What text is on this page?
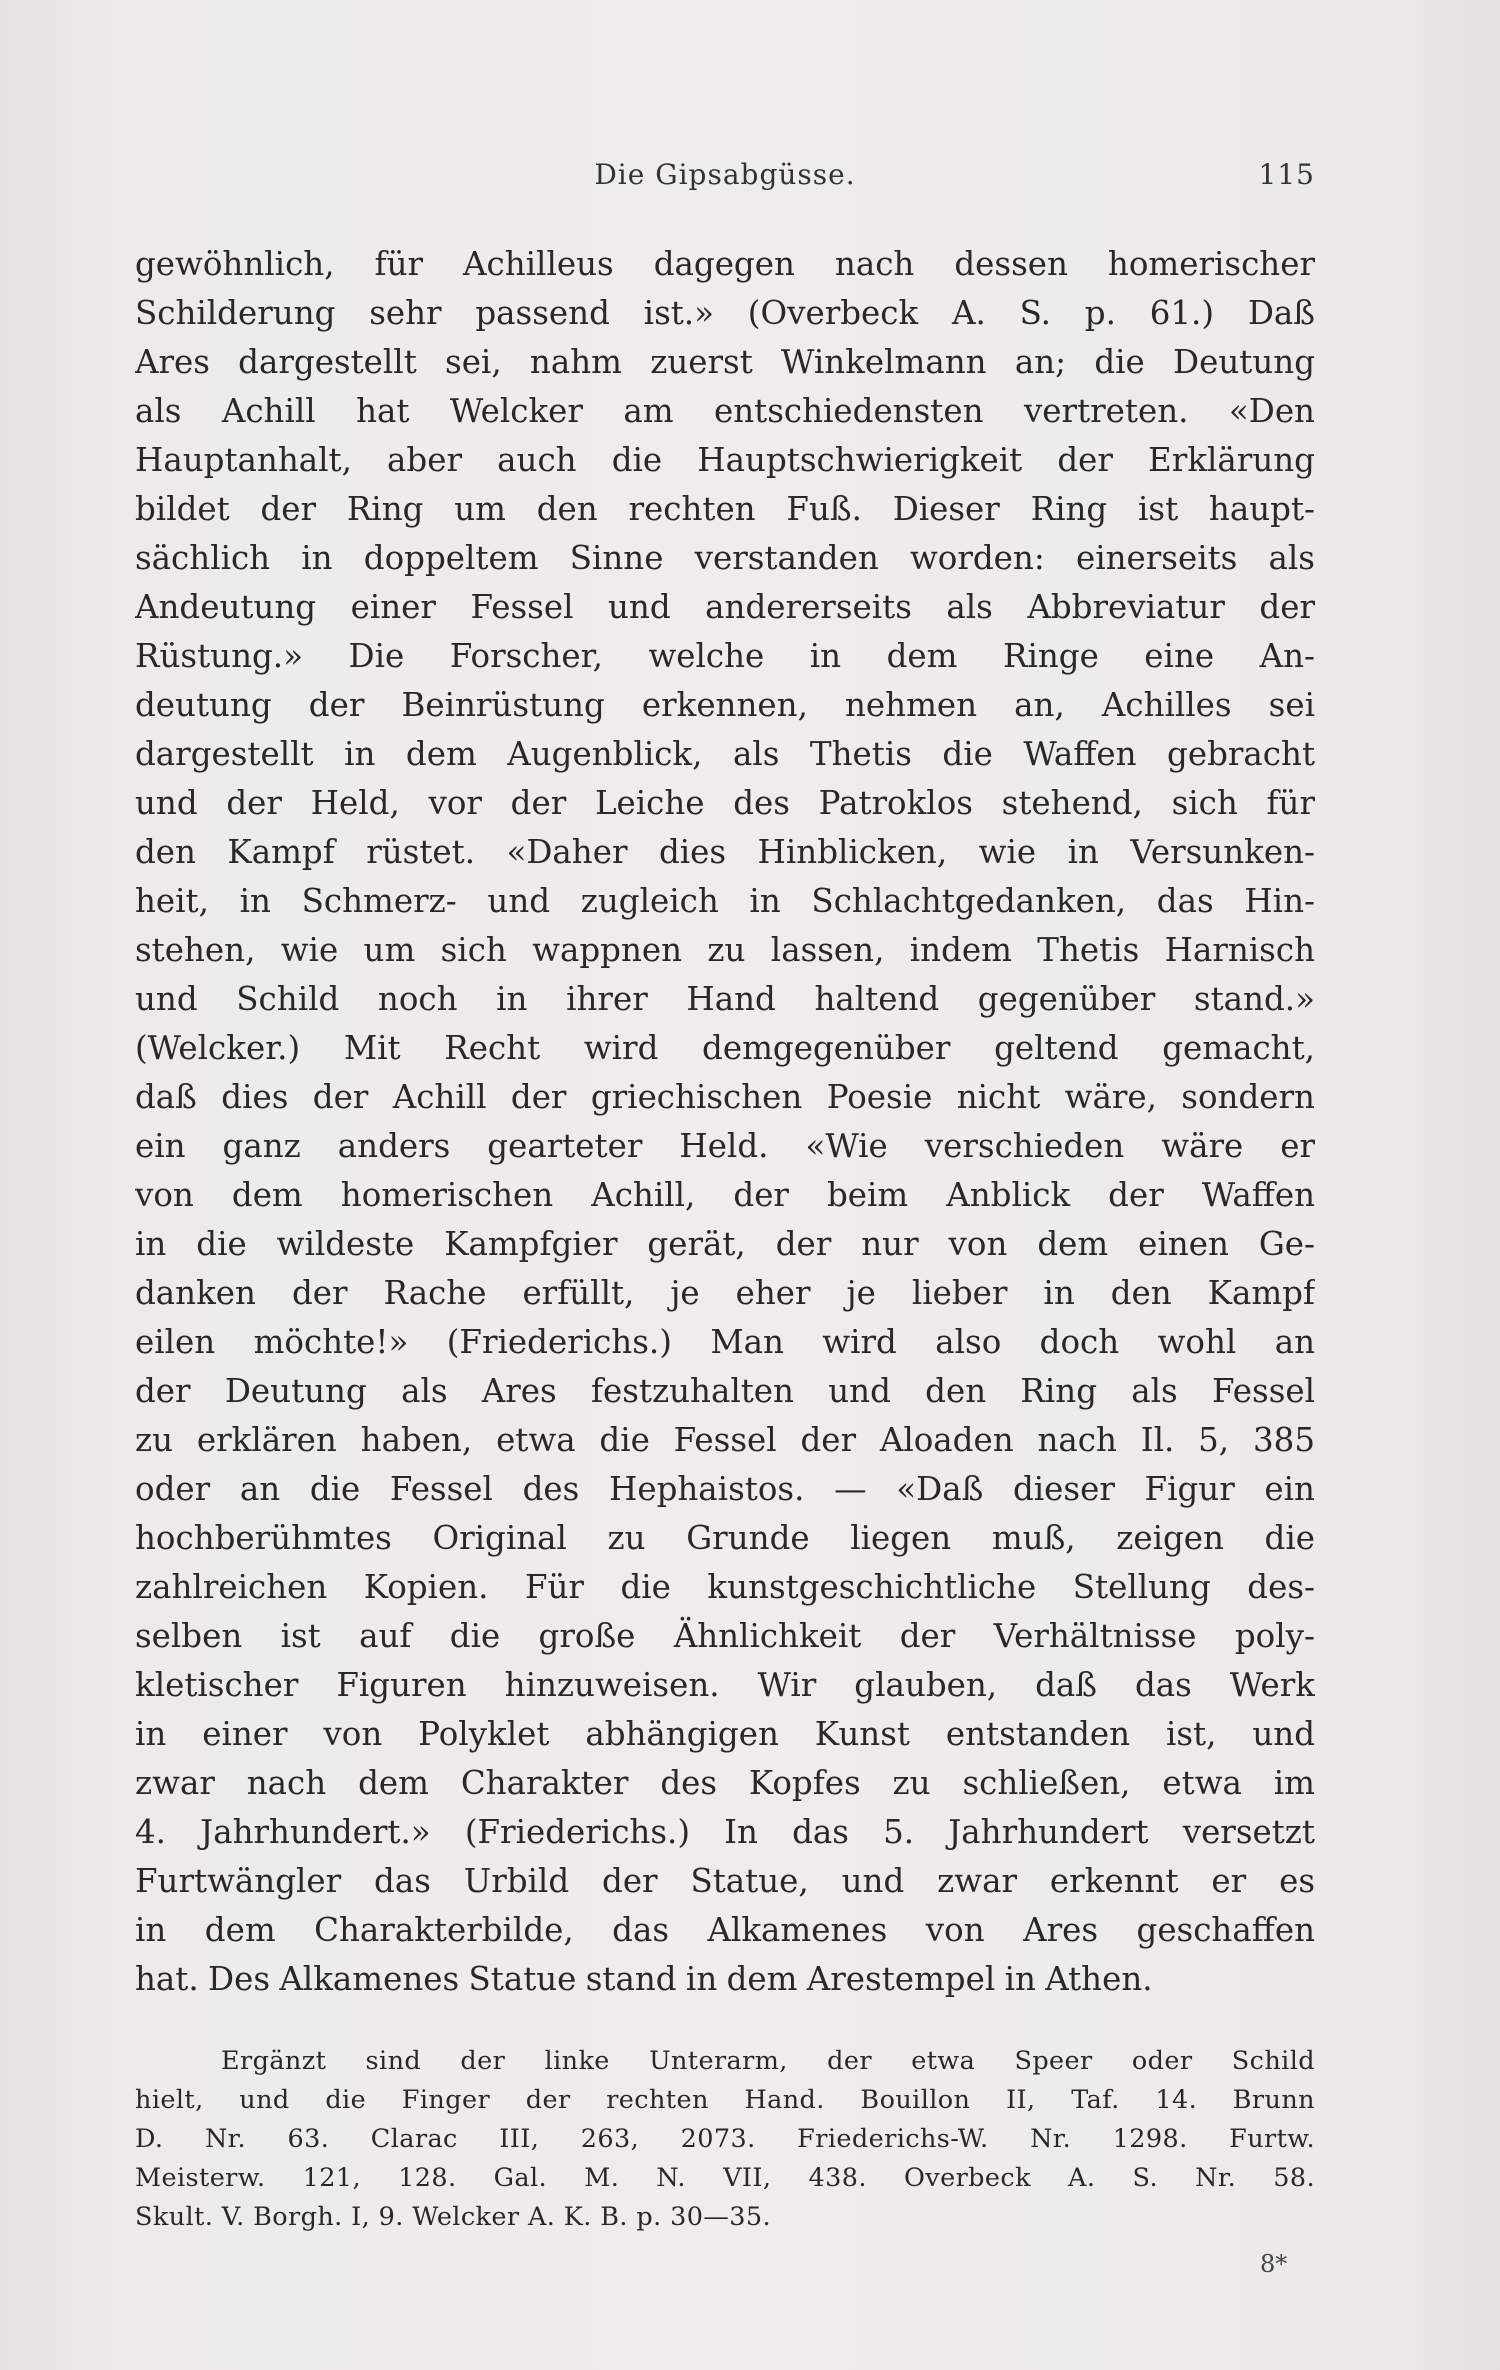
Die Gipsabgüsse.	115
gewöhnlich, für Achilleus dagegen nach dessen homerischer
Schilderung sehr passend ist.» (Overbeck A. S. p. 61.) Daß
Ares dargestellt sei, nahm zuerst Winkelmann an; die Deutung
als Achill hat Welcker am entschiedensten vertreten. «Den
Hauptanhalt, aber auch die Hauptschwierigkeit der Erklärung
bildet der Ring um den rechten Fuß. Dieser Ring ist haupt-
sächlich in doppeltem Sinne verstanden worden: einerseits als
Andeutung einer Fessel und andererseits als Abbreviatur der
Rüstung.» Die Forscher, welche in dem Ringe eine An-
deutung der Beinrüstung erkennen, nehmen an, Achilles sei
dargestellt in dem Augenblick, als Thetis die Waffen gebracht
und der Held, vor der Leiche des Patroklos stehend, sich für
den Kampf rüstet. «Daher dies Hinblicken, wie in Versunken-
heit, in Schmerz- und zugleich in Schlachtgedanken, das Hin-
stehen, wie um sich wappnen zu lassen, indem Thetis Harnisch
und Schild noch in ihrer Hand haltend gegenüber stand.»
(Welcker.) Mit Recht wird demgegenüber geltend gemacht,
daß dies der Achill der griechischen Poesie nicht wäre, sondern
ein ganz anders gearteter Held. «Wie verschieden wäre er
von dem homerischen Achill, der beim Anblick der Waffen
in die wildeste Kampfgier gerät, der nur von dem einen Ge-
danken der Rache erfüllt, je eher je lieber in den Kampf
eilen möchte!» (Friederichs.) Man wird also doch wohl an
der Deutung als Ares festzuhalten und den Ring als Fessel
zu erklären haben, etwa die Fessel der Aloaden nach Il. 5, 385
oder an die Fessel des Hephaistos. — «Daß dieser Figur ein
hochberühmtes Original zu Grunde liegen muß, zeigen die
zahlreichen Kopien. Für die kunstgeschichtliche Stellung des-
selben ist auf die große Ähnlichkeit der Verhältnisse poly-
kletischer Figuren hinzuweisen. Wir glauben, daß das Werk
in einer von Polyklet abhängigen Kunst entstanden ist, und
zwar nach dem Charakter des Kopfes zu schließen, etwa im
4. Jahrhundert.» (Friederichs.) In das 5. Jahrhundert versetzt
Furtwängler das Urbild der Statue, und zwar erkennt er es
in dem Charakterbilde, das Alkamenes von Ares geschaffen
hat. Des Alkamenes Statue stand in dem Arestempel in Athen.
Ergänzt sind der linke Unterarm, der etwa Speer oder Schild
hielt, und die Finger der rechten Hand. Bouillon II, Taf. 14. Brunn
D. Nr. 63. Clarac III, 263, 2073. Friederichs-W. Nr. 1298. Furtw.
Meisterw. 121, 128. Gal. M. N. VII, 438. Overbeck A. S. Nr. 58.
Skult. V. Borgh. I, 9. Welcker A. K. B. p. 30—35.
8*
